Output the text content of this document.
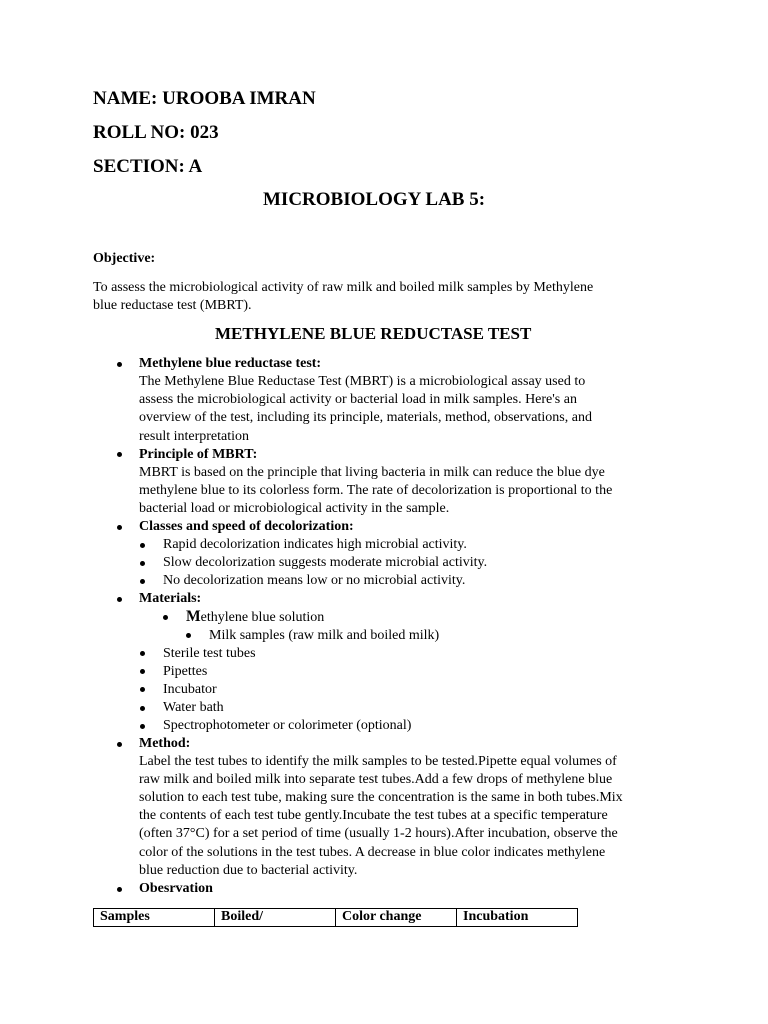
NAME: UROOBA IMRAN
ROLL NO: 023
SECTION: A
MICROBIOLOGY LAB 5:
Objective:
To assess the microbiological activity of raw milk and boiled milk samples by Methylene
blue reductase test (MBRT).
METHYLENE BLUE REDUCTASE TEST
Methylene blue reductase test:
The Methylene Blue Reductase Test (MBRT) is a microbiological assay used to
assess the microbiological activity or bacterial load in milk samples. Here's an
overview of the test, including its principle, materials, method, observations, and
result interpretation
Principle of MBRT:
MBRT is based on the principle that living bacteria in milk can reduce the blue dye
methylene blue to its colorless form. The rate of decolorization is proportional to the
bacterial load or microbiological activity in the sample.
Classes and speed of decolorization:
Rapid decolorization indicates high microbial activity.
Slow decolorization suggests moderate microbial activity.
No decolorization means low or no microbial activity.
Materials:
Methylene blue solution
Milk samples (raw milk and boiled milk)
Sterile test tubes
Pipettes
Incubator
Water bath
Spectrophotometer or colorimeter (optional)
Method:
Label the test tubes to identify the milk samples to be tested.Pipette equal volumes of
raw milk and boiled milk into separate test tubes.Add a few drops of methylene blue
solution to each test tube, making sure the concentration is the same in both tubes.Mix
the contents of each test tube gently.Incubate the test tubes at a specific temperature
(often 37°C) for a set period of time (usually 1-2 hours).After incubation, observe the
color of the solutions in the test tubes. A decrease in blue color indicates methylene
blue reduction due to bacterial activity.
Obesrvation
Samples	Boiled/	Color change	Incubation
